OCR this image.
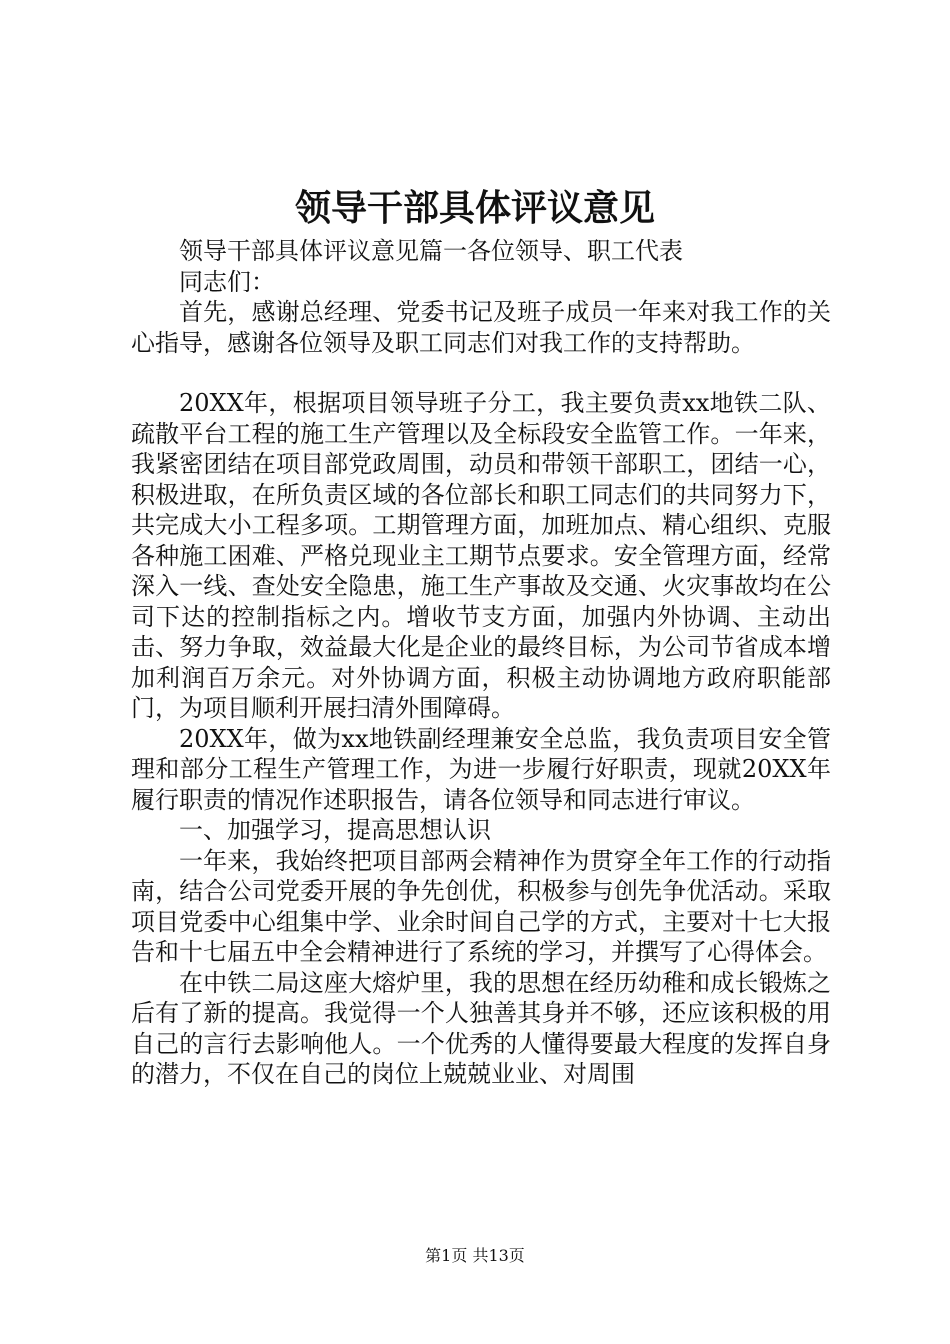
领导干部具体评议意见

领导干部具体评议意见篇一各位领导、职工代表

同志们：

首先，感谢总经理、党委书记及班子成员一年来对我工作的关心指导，感谢各位领导及职工同志们对我工作的支持帮助。

20XX年，根据项目领导班子分工，我主要负责xx地铁二队、疏散平台工程的施工生产管理以及全标段安全监管工作。一年来，我紧密团结在项目部党政周围，动员和带领干部职工，团结一心，积极进取，在所负责区域的各位部长和职工同志们的共同努力下，共完成大小工程多项。工期管理方面，加班加点、精心组织、克服各种施工困难、严格兑现业主工期节点要求。安全管理方面，经常深入一线、查处安全隐患，施工生产事故及交通、火灾事故均在公司下达的控制指标之内。增收节支方面，加强内外协调、主动出击、努力争取，效益最大化是企业的最终目标，为公司节省成本增加利润百万余元。对外协调方面，积极主动协调地方政府职能部门，为项目顺利开展扫清外围障碍。

20XX年，做为xx地铁副经理兼安全总监，我负责项目安全管理和部分工程生产管理工作，为进一步履行好职责，现就20XX年履行职责的情况作述职报告，请各位领导和同志进行审议。

一、加强学习，提高思想认识

一年来，我始终把项目部两会精神作为贯穿全年工作的行动指南，结合公司党委开展的争先创优，积极参与创先争优活动。采取项目党委中心组集中学、业余时间自己学的方式，主要对十七大报告和十七届五中全会精神进行了系统的学习，并撰写了心得体会。

在中铁二局这座大熔炉里，我的思想在经历幼稚和成长锻炼之后有了新的提高。我觉得一个人独善其身并不够，还应该积极的用自己的言行去影响他人。一个优秀的人懂得要最大程度的发挥自身的潜力，不仅在自己的岗位上兢兢业业、对周围

第1页 共13页
